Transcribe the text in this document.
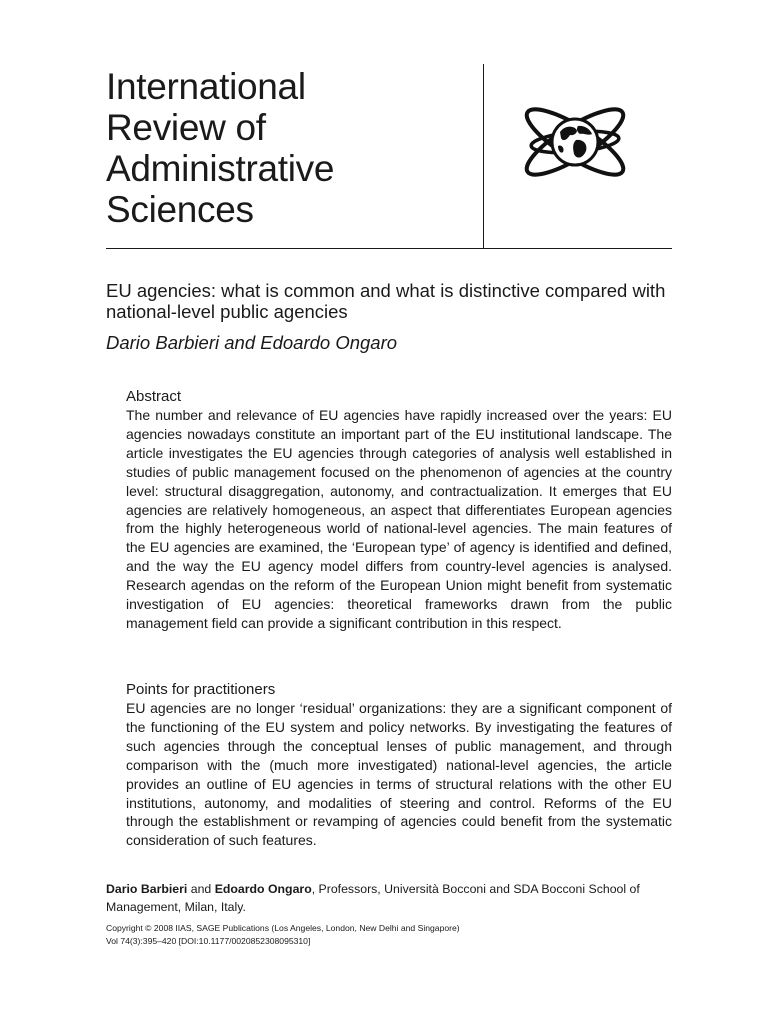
International
Review of
Administrative
Sciences
EU agencies: what is common and what is distinctive compared with national-level public agencies
Dario Barbieri and Edoardo Ongaro
Abstract

The number and relevance of EU agencies have rapidly increased over the years: EU agencies nowadays constitute an important part of the EU institutional landscape. The article investigates the EU agencies through categories of analysis well established in studies of public management focused on the phenomenon of agencies at the country level: structural disaggregation, autonomy, and contractualization. It emerges that EU agencies are relatively homogeneous, an aspect that differentiates European agencies from the highly heterogeneous world of national-level agencies. The main features of the EU agencies are examined, the ‘European type’ of agency is identified and defined, and the way the EU agency model differs from country-level agencies is analysed. Research agendas on the reform of the European Union might benefit from systematic investigation of EU agencies: theoretical frameworks drawn from the public management field can provide a significant contribution in this respect.

Points for practitioners

EU agencies are no longer ‘residual’ organizations: they are a significant component of the functioning of the EU system and policy networks. By investigating the features of such agencies through the conceptual lenses of public management, and through comparison with the (much more investigated) national-level agencies, the article provides an outline of EU agencies in terms of structural relations with the other EU institutions, autonomy, and modalities of steering and control. Reforms of the EU through the establishment or revamping of agencies could benefit from the systematic consideration of such features.

Dario Barbieri and Edoardo Ongaro, Professors, Università Bocconi and SDA Bocconi School of Management, Milan, Italy.
Copyright © 2008 IIAS, SAGE Publications (Los Angeles, London, New Delhi and Singapore)
Vol 74(3):395–420 [DOI:10.1177/0020852308095310]
